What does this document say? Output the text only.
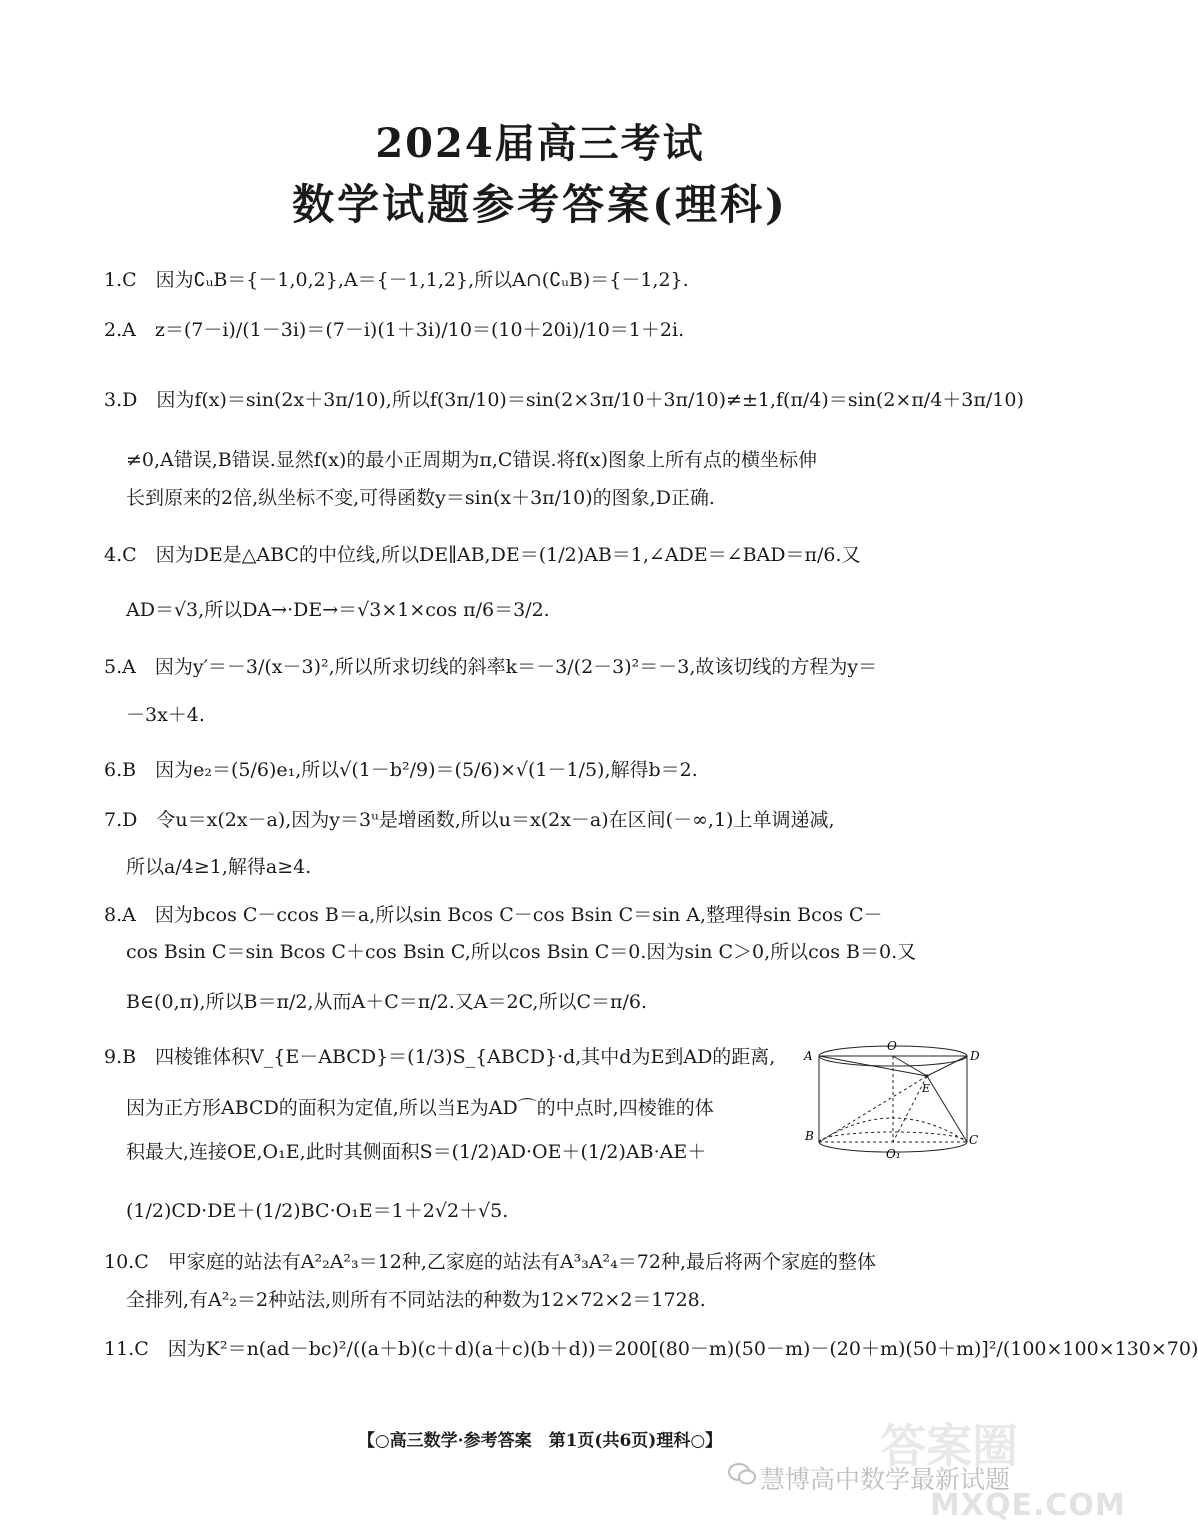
2024届高三考试
数学试题参考答案(理科)
1.C　因为∁ᵤB＝{－1,0,2},A＝{－1,1,2},所以A∩(∁ᵤB)＝{－1,2}.
2.A　z＝(7－i)/(1－3i)＝(7－i)(1＋3i)/10＝(10＋20i)/10＝1＋2i.
3.D　因为f(x)＝sin(2x＋3π/10),所以f(3π/10)＝sin(2×3π/10＋3π/10)≠±1,f(π/4)＝sin(2×π/4＋3π/10)
≠0,A错误,B错误.显然f(x)的最小正周期为π,C错误.将f(x)图象上所有点的横坐标伸
长到原来的2倍,纵坐标不变,可得函数y＝sin(x＋3π/10)的图象,D正确.
4.C　因为DE是△ABC的中位线,所以DE∥AB,DE＝(1/2)AB＝1,∠ADE＝∠BAD＝π/6.又
AD＝√3,所以DA→·DE→＝√3×1×cos π/6＝3/2.
5.A　因为y′＝－3/(x－3)²,所以所求切线的斜率k＝－3/(2－3)²＝－3,故该切线的方程为y＝
－3x＋4.
6.B　因为e₂＝(5/6)e₁,所以√(1－b²/9)＝(5/6)×√(1－1/5),解得b＝2.
7.D　令u＝x(2x－a),因为y＝3ᵘ是增函数,所以u＝x(2x－a)在区间(－∞,1)上单调递减,
所以a/4≥1,解得a≥4.
8.A　因为bcos C－ccos B＝a,所以sin Bcos C－cos Bsin C＝sin A,整理得sin Bcos C－
cos Bsin C＝sin Bcos C＋cos Bsin C,所以cos Bsin C＝0.因为sin C＞0,所以cos B＝0.又
B∈(0,π),所以B＝π/2,从而A＋C＝π/2.又A＝2C,所以C＝π/6.
9.B　四棱锥体积V_{E－ABCD}＝(1/3)S_{ABCD}·d,其中d为E到AD的距离,
因为正方形ABCD的面积为定值,所以当E为AD⌒的中点时,四棱锥的体
积最大,连接OE,O₁E,此时其侧面积S＝(1/2)AD·OE＋(1/2)AB·AE＋
(1/2)CD·DE＋(1/2)BC·O₁E＝1＋2√2＋√5.
10.C　甲家庭的站法有A²₂A²₃＝12种,乙家庭的站法有A³₃A²₄＝72种,最后将两个家庭的整体
全排列,有A²₂＝2种站法,则所有不同站法的种数为12×72×2＝1728.
11.C　因为K²＝n(ad－bc)²/((a＋b)(c＋d)(a＋c)(b＋d))＝200[(80－m)(50－m)－(20＋m)(50＋m)]²/(100×100×130×70)
A
O
D
E
B
O₁
C
【○高三数学·参考答案　第1页(共6页)理科○】	答案圈
慧博高中数学最新试题
MXQE.COM
